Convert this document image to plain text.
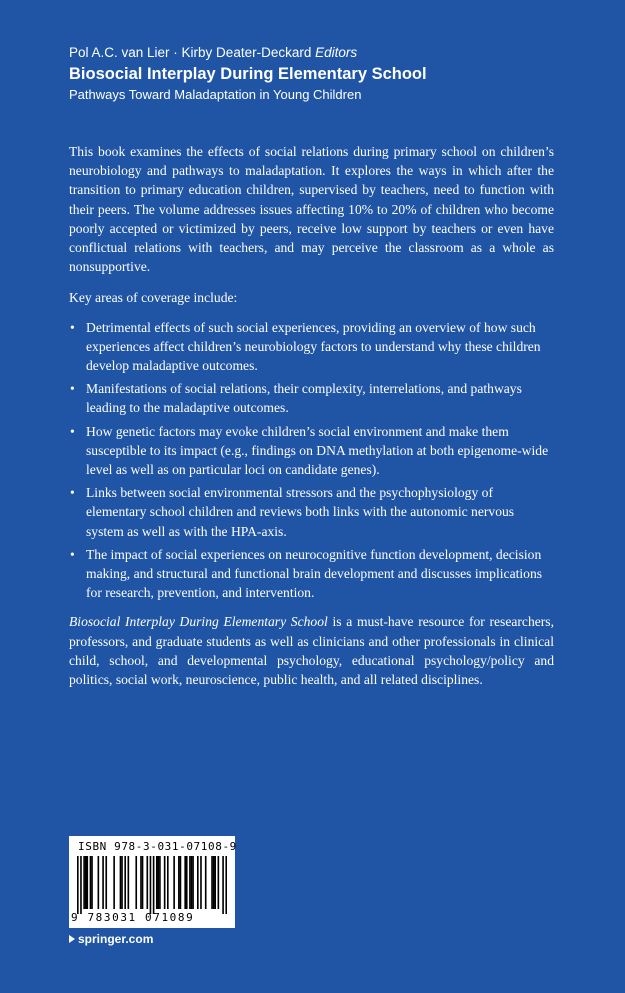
Pol A.C. van Lier · Kirby Deater-Deckard Editors
Biosocial Interplay During Elementary School
Pathways Toward Maladaptation in Young Children

This book examines the effects of social relations during primary school on children’s neurobiology and pathways to maladaptation. It explores the ways in which after the transition to primary education children, supervised by teachers, need to function with their peers. The volume addresses issues affecting 10% to 20% of children who become poorly accepted or victimized by peers, receive low support by teachers or even have conflictual relations with teachers, and may perceive the classroom as a whole as nonsupportive.

Key areas of coverage include:

• Detrimental effects of such social experiences, providing an overview of how such experiences affect children’s neurobiology factors to understand why these children develop maladaptive outcomes.
• Manifestations of social relations, their complexity, interrelations, and pathways leading to the maladaptive outcomes.
• How genetic factors may evoke children’s social environment and make them susceptible to its impact (e.g., findings on DNA methylation at both epigenome-wide level as well as on particular loci on candidate genes).
• Links between social environmental stressors and the psychophysiology of elementary school children and reviews both links with the autonomic nervous system as well as with the HPA-axis.
• The impact of social experiences on neurocognitive function development, decision making, and structural and functional brain development and discusses implications for research, prevention, and intervention.

Biosocial Interplay During Elementary School is a must-have resource for researchers, professors, and graduate students as well as clinicians and other professionals in clinical child, school, and developmental psychology, educational psychology/policy and politics, social work, neuroscience, public health, and all related disciplines.

ISBN 978-3-031-07108-9
9 783031 071089
springer.com
